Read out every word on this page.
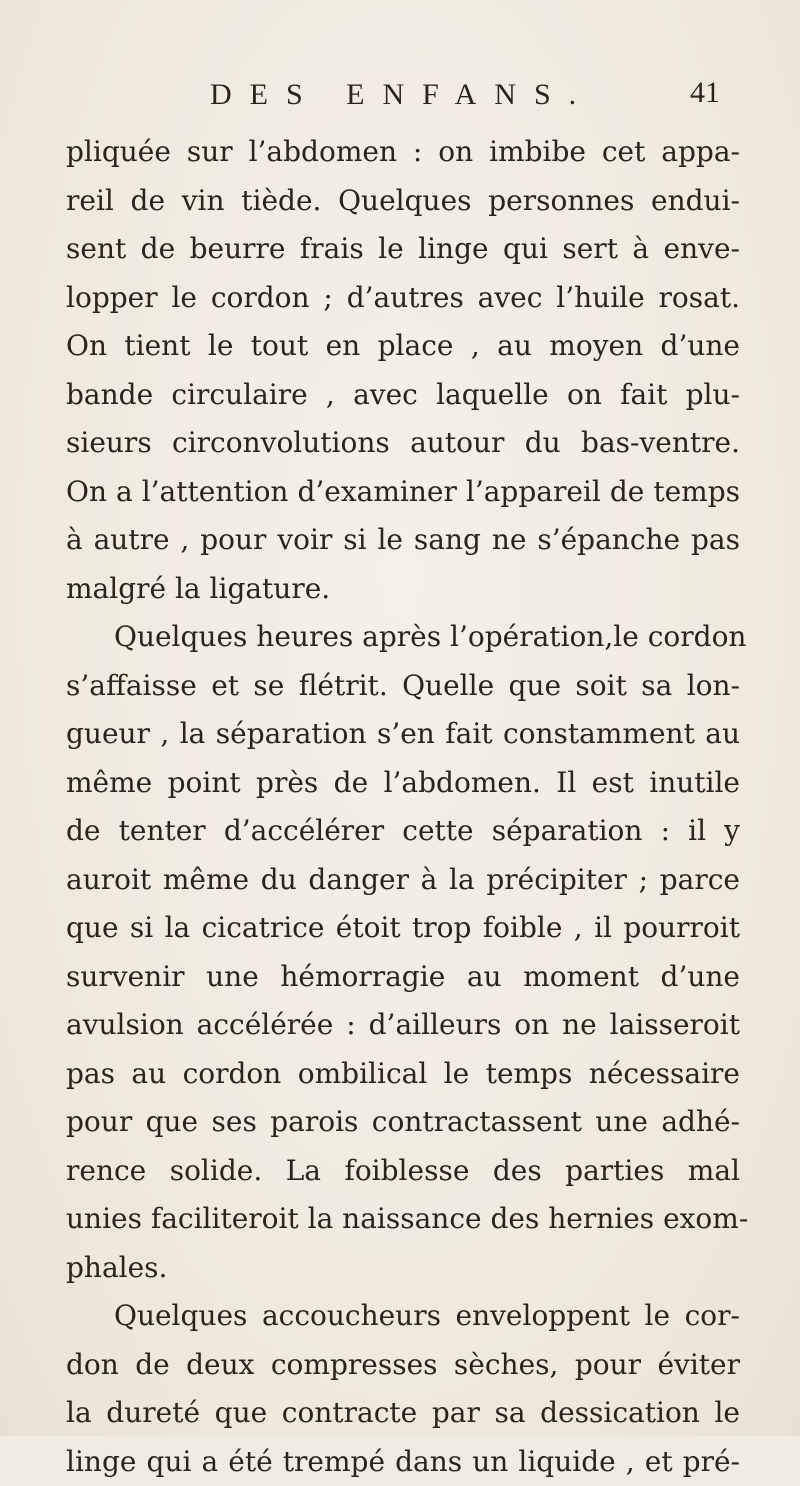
DES ENFANS.	41
pliquée sur l’abdomen : on imbibe cet appa-
reil de vin tiède. Quelques personnes endui-
sent de beurre frais le linge qui sert à enve-
lopper le cordon ; d’autres avec l’huile rosat.
On tient le tout en place , au moyen d’une
bande circulaire , avec laquelle on fait plu-
sieurs circonvolutions autour du bas-ventre.
On a l’attention d’examiner l’appareil de temps
à autre , pour voir si le sang ne s’épanche pas
malgré la ligature.
Quelques heures après l’opération,le cordon
s’affaisse et se flétrit. Quelle que soit sa lon-
gueur , la séparation s’en fait constamment au
même point près de l’abdomen. Il est inutile
de tenter d’accélérer cette séparation : il y
auroit même du danger à la précipiter ; parce
que si la cicatrice étoit trop foible , il pourroit
survenir une hémorragie au moment d’une
avulsion accélérée : d’ailleurs on ne laisseroit
pas au cordon ombilical le temps nécessaire
pour que ses parois contractassent une adhé-
rence solide. La foiblesse des parties mal
unies faciliteroit la naissance des hernies exom-
phales.
Quelques accoucheurs enveloppent le cor-
don de deux compresses sèches, pour éviter
la dureté que contracte par sa dessication le
linge qui a été trempé dans un liquide , et pré-
